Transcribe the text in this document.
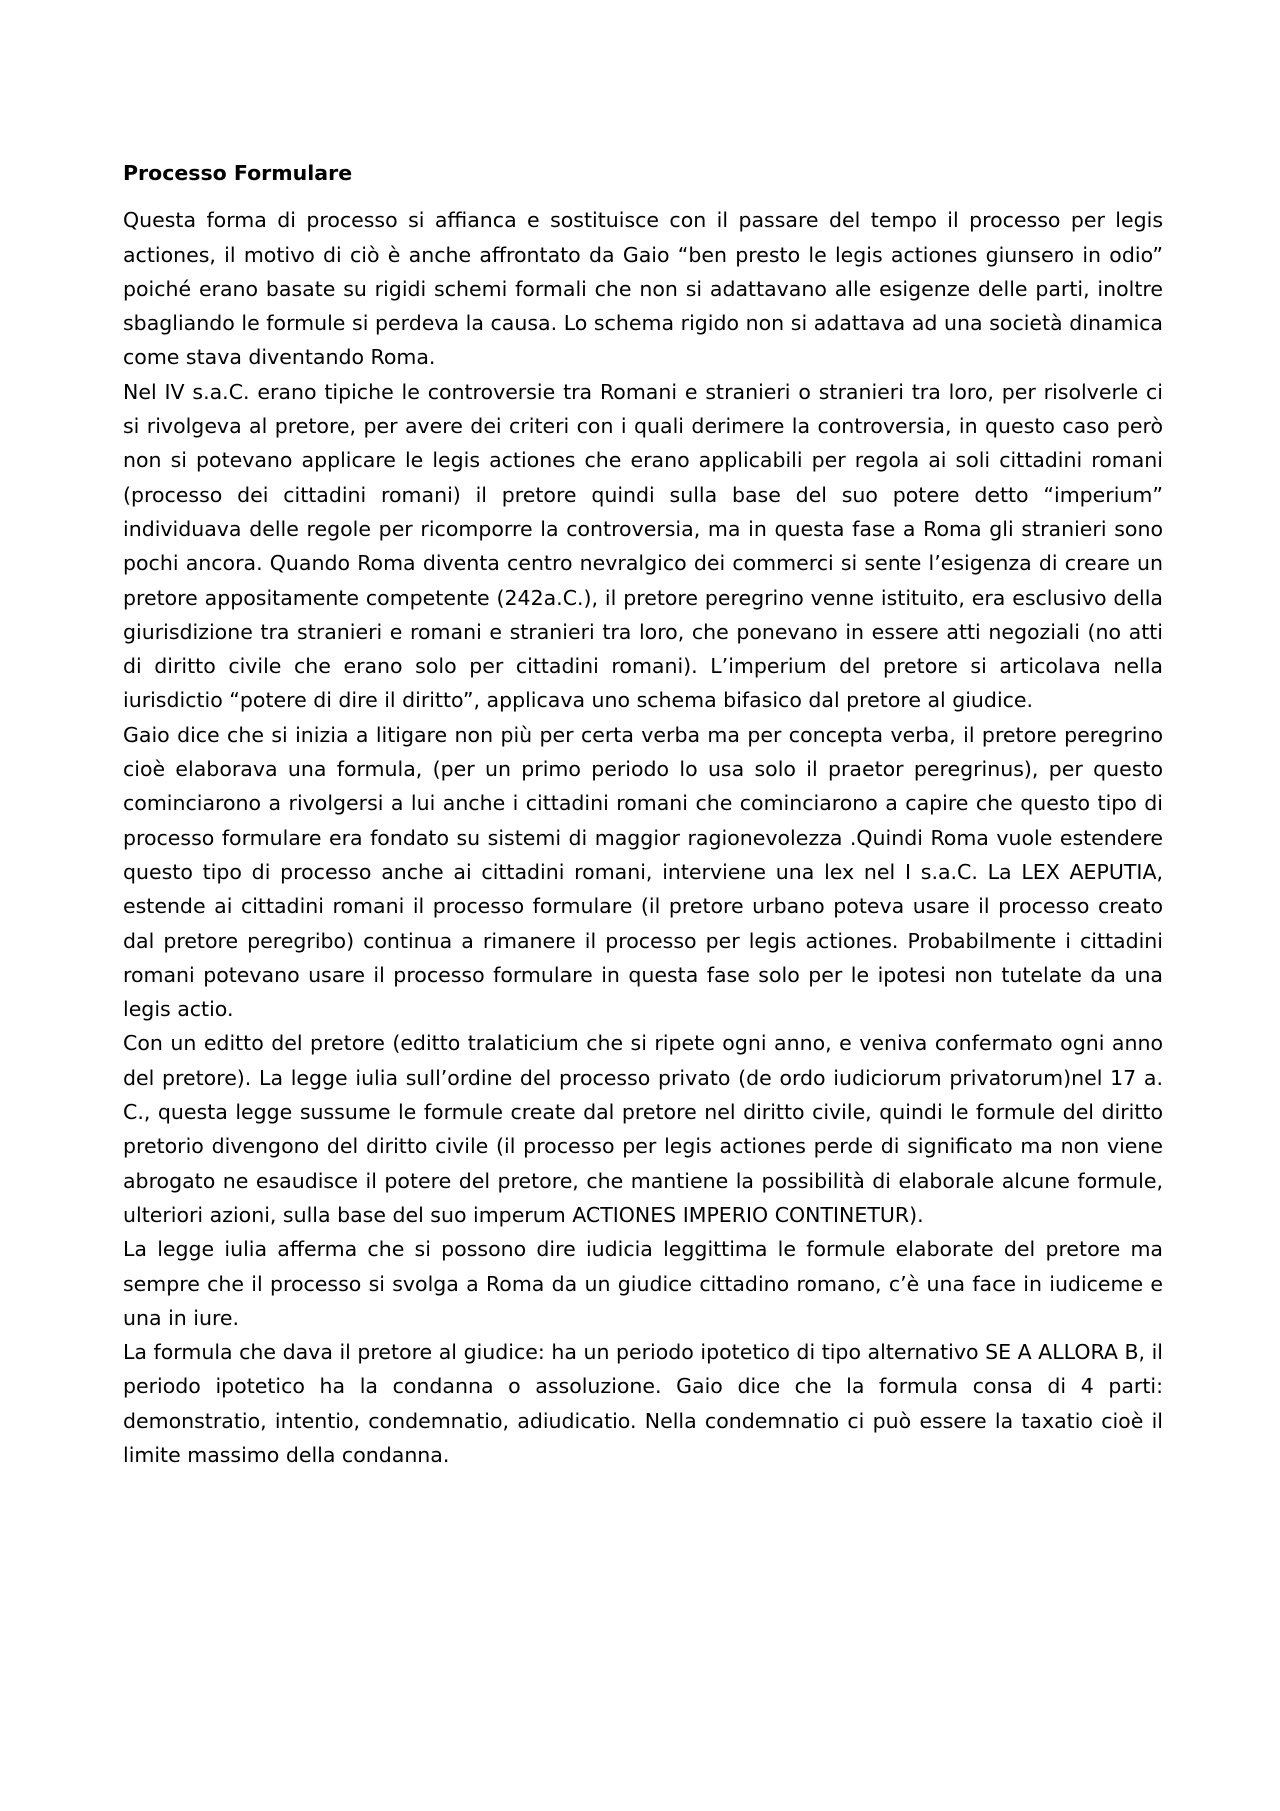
Processo Formulare

Questa forma di processo si affianca e sostituisce con il passare del tempo il processo per legis actiones, il motivo di ciò è anche affrontato da Gaio “ben presto le legis actiones giunsero in odio” poiché erano basate su rigidi schemi formali che non si adattavano alle esigenze delle parti, inoltre sbagliando le formule si perdeva la causa. Lo schema rigido non si adattava ad una società dinamica come stava diventando Roma.

Nel IV s.a.C. erano tipiche le controversie tra Romani e stranieri o stranieri tra loro, per risolverle ci si rivolgeva al pretore, per avere dei criteri con i quali derimere la controversia, in questo caso però non si potevano applicare le legis actiones che erano applicabili per regola ai soli cittadini romani (processo dei cittadini romani) il pretore quindi sulla base del suo potere detto “imperium” individuava delle regole per ricomporre la controversia, ma in questa fase a Roma gli stranieri sono pochi ancora. Quando Roma diventa centro nevralgico dei commerci si sente l’esigenza di creare un pretore appositamente competente (242a.C.), il pretore peregrino venne istituito, era esclusivo della giurisdizione tra stranieri e romani e stranieri tra loro, che ponevano in essere atti negoziali (no atti di diritto civile che erano solo per cittadini romani). L’imperium del pretore si articolava nella iurisdictio “potere di dire il diritto”, applicava uno schema bifasico dal pretore al giudice.

Gaio dice che si inizia a litigare non più per certa verba ma per concepta verba, il pretore peregrino cioè elaborava una formula, (per un primo periodo lo usa solo il praetor peregrinus), per questo cominciarono a rivolgersi a lui anche i cittadini romani che cominciarono a capire che questo tipo di processo formulare era fondato su sistemi di maggior ragionevolezza .Quindi Roma vuole estendere questo tipo di processo anche ai cittadini romani, interviene una lex nel I s.a.C. La LEX AEPUTIA, estende ai cittadini romani il processo formulare (il pretore urbano poteva usare il processo creato dal pretore peregribo) continua a rimanere il processo per legis actiones. Probabilmente i cittadini romani potevano usare il processo formulare in questa fase solo per le ipotesi non tutelate da una legis actio.

Con un editto del pretore (editto tralaticium che si ripete ogni anno, e veniva confermato ogni anno del pretore). La legge iulia sull’ordine del processo privato (de ordo iudiciorum privatorum)nel 17 a. C., questa legge sussume le formule create dal pretore nel diritto civile, quindi le formule del diritto pretorio divengono del diritto civile (il processo per legis actiones perde di significato ma non viene abrogato ne esaudisce il potere del pretore, che mantiene la possibilità di elaborale alcune formule, ulteriori azioni, sulla base del suo imperum ACTIONES IMPERIO CONTINETUR).

La legge iulia afferma che si possono dire iudicia leggittima le formule elaborate del pretore ma sempre che il processo si svolga a Roma da un giudice cittadino romano, c’è una face in iudiceme e una in iure.

La formula che dava il pretore al giudice: ha un periodo ipotetico di tipo alternativo SE A ALLORA B, il periodo ipotetico ha la condanna o assoluzione. Gaio dice che la formula consa di 4 parti: demonstratio, intentio, condemnatio, adiudicatio. Nella condemnatio ci può essere la taxatio cioè il limite massimo della condanna.
